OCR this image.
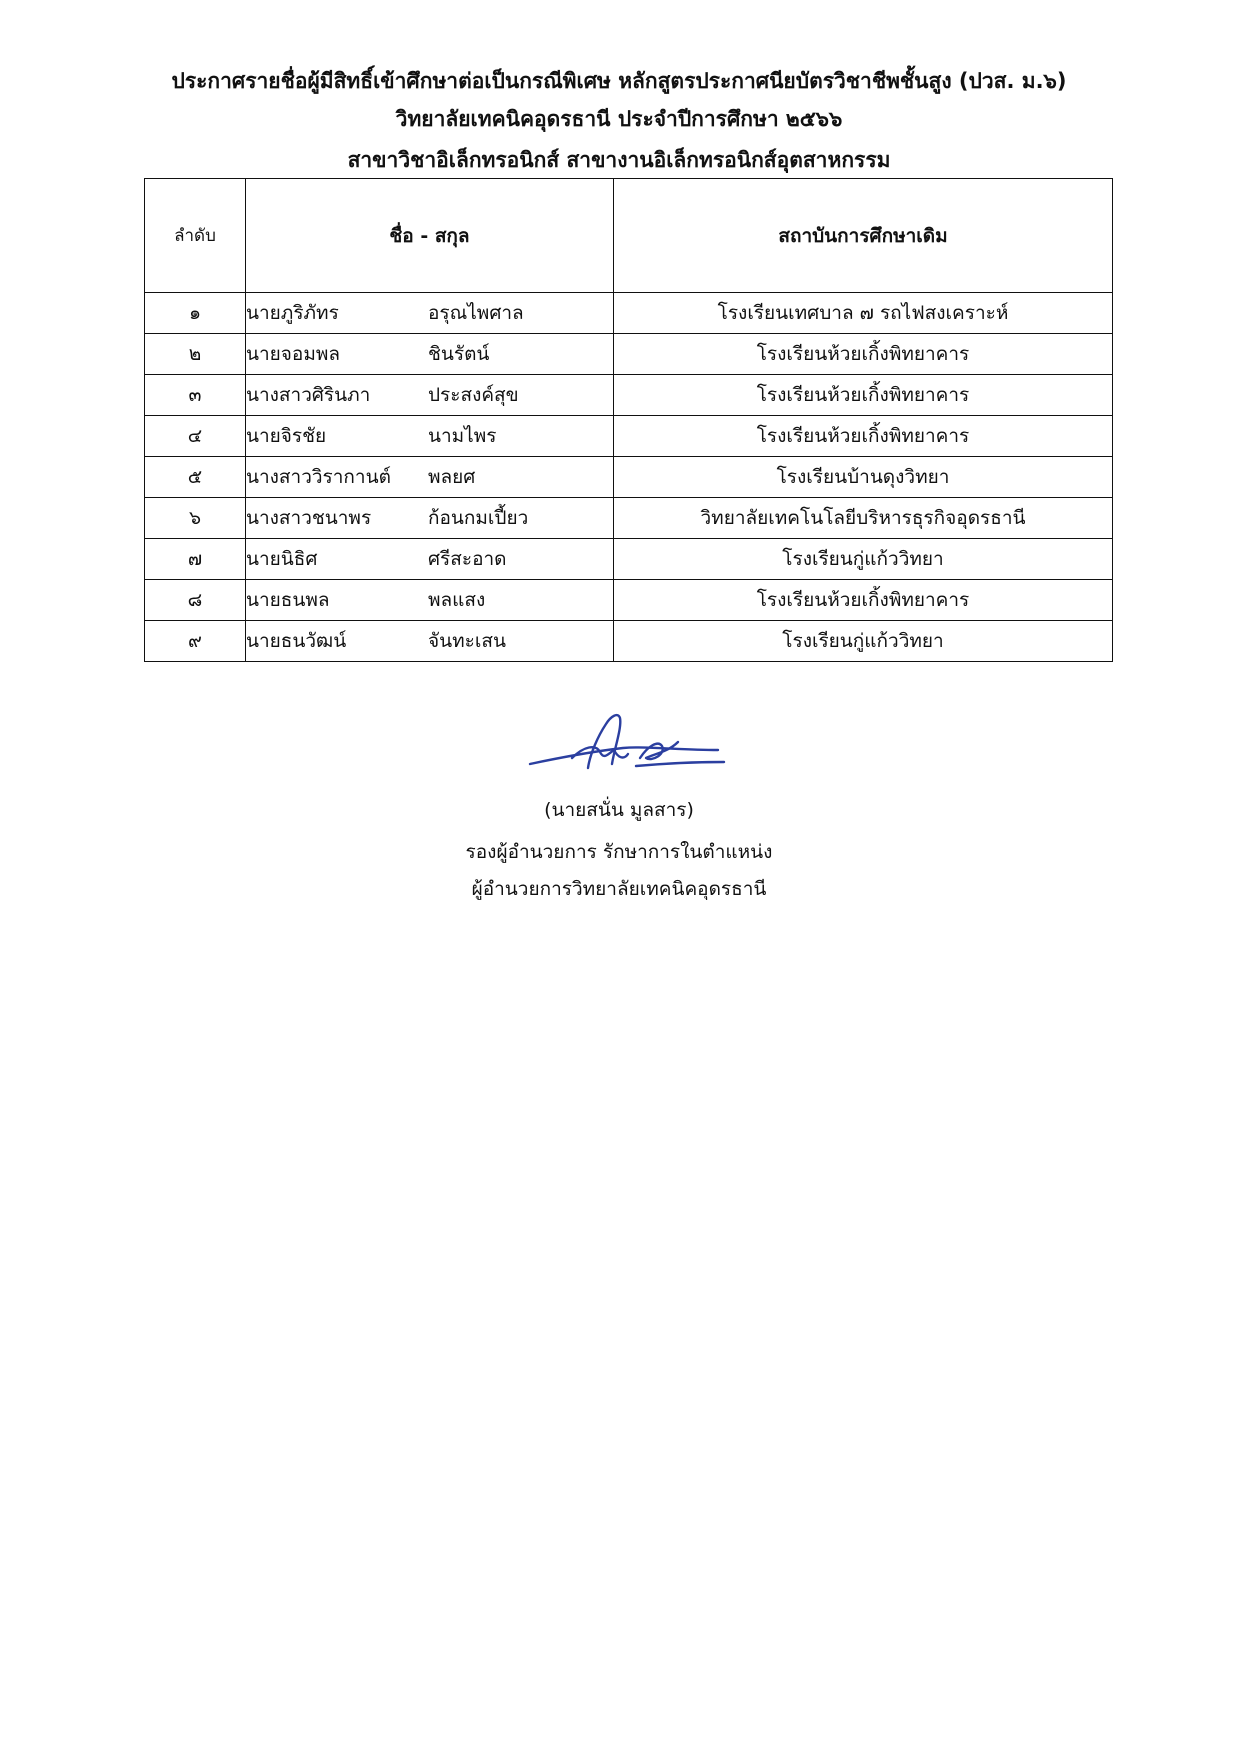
ประกาศรายชื่อผู้มีสิทธิ์เข้าศึกษาต่อเป็นกรณีพิเศษ หลักสูตรประกาศนียบัตรวิชาชีพชั้นสูง (ปวส. ม.๖)
วิทยาลัยเทคนิคอุดรธานี ประจำปีการศึกษา ๒๕๖๖
สาขาวิชาอิเล็กทรอนิกส์ สาขางานอิเล็กทรอนิกส์อุตสาหกรรม
ลำดับ	ชื่อ - สกุล	สถาบันการศึกษาเดิม
๑	นายภูริภัทร อรุณไพศาล	โรงเรียนเทศบาล ๗ รถไฟสงเคราะห์
๒	นายจอมพล ชินรัตน์	โรงเรียนห้วยเกิ้งพิทยาคาร
๓	นางสาวศิรินภา ประสงค์สุข	โรงเรียนห้วยเกิ้งพิทยาคาร
๔	นายจิรชัย นามไพร	โรงเรียนห้วยเกิ้งพิทยาคาร
๕	นางสาววิรากานต์ พลยศ	โรงเรียนบ้านดุงวิทยา
๖	นางสาวชนาพร ก้อนกมเปี้ยว	วิทยาลัยเทคโนโลยีบริหารธุรกิจอุดรธานี
๗	นายนิธิศ ศรีสะอาด	โรงเรียนกู่แก้ววิทยา
๘	นายธนพล พลแสง	โรงเรียนห้วยเกิ้งพิทยาคาร
๙	นายธนวัฒน์ จันทะเสน	โรงเรียนกู่แก้ววิทยา
(นายสนั่น มูลสาร)
รองผู้อำนวยการ รักษาการในตำแหน่ง
ผู้อำนวยการวิทยาลัยเทคนิคอุดรธานี
